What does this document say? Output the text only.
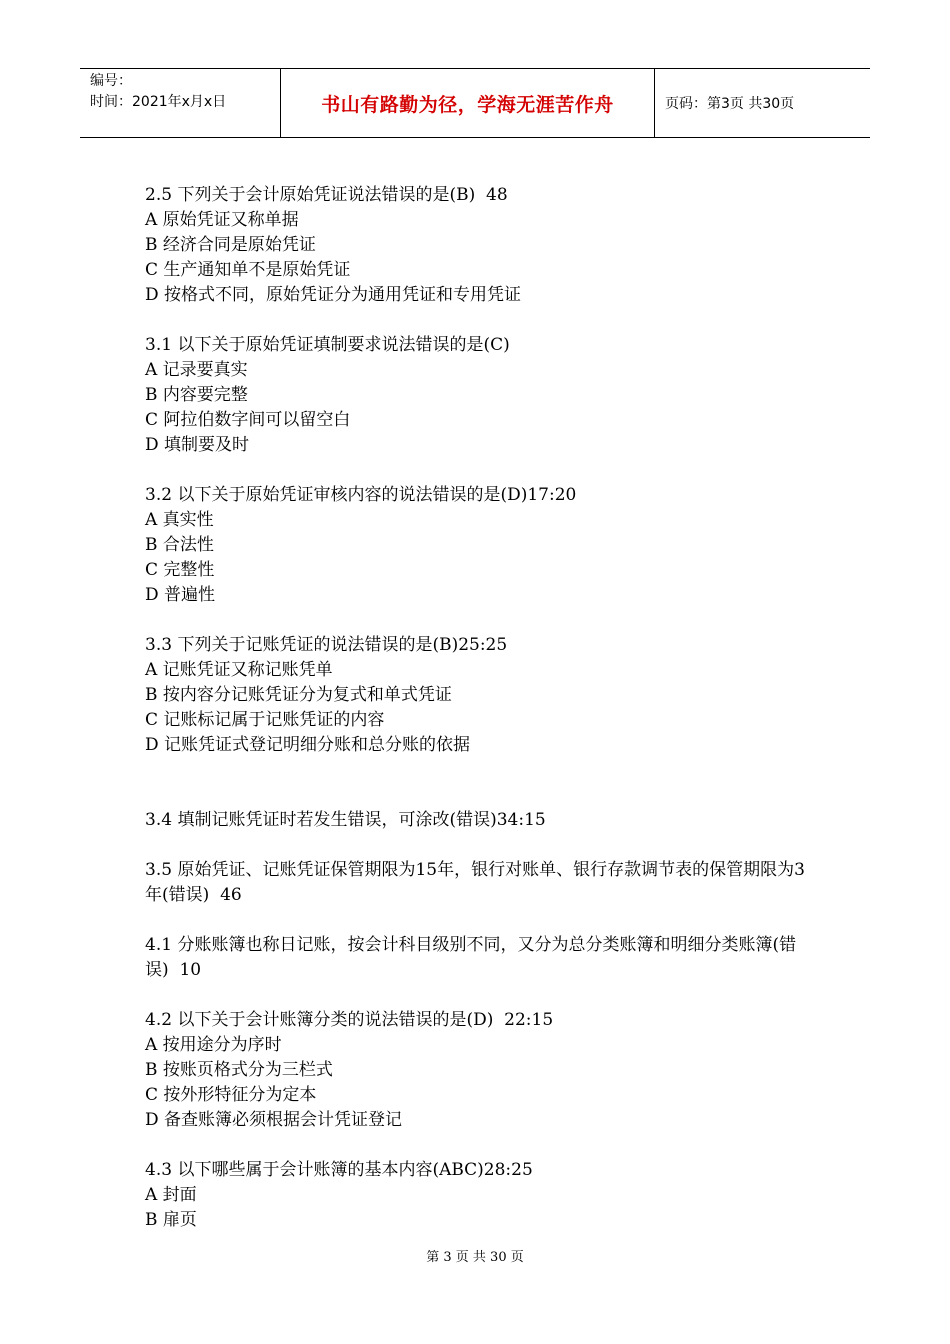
编号：
时间：2021年x月x日	书山有路勤为径，学海无涯苦作舟	页码：第3页 共30页
2.5 下列关于会计原始凭证说法错误的是(B)  48
A 原始凭证又称单据
B 经济合同是原始凭证
C 生产通知单不是原始凭证
D 按格式不同，原始凭证分为通用凭证和专用凭证
3.1 以下关于原始凭证填制要求说法错误的是(C)
A 记录要真实
B 内容要完整
C 阿拉伯数字间可以留空白
D 填制要及时
3.2 以下关于原始凭证审核内容的说法错误的是(D)17:20
A 真实性
B 合法性
C 完整性
D 普遍性
3.3 下列关于记账凭证的说法错误的是(B)25:25
A 记账凭证又称记账凭单
B 按内容分记账凭证分为复式和单式凭证
C 记账标记属于记账凭证的内容
D 记账凭证式登记明细分账和总分账的依据
3.4 填制记账凭证时若发生错误，可涂改(错误)34:15
3.5 原始凭证、记账凭证保管期限为15年，银行对账单、银行存款调节表的保管期限为3年(错误)  46
4.1 分账账簿也称日记账，按会计科目级别不同，又分为总分类账簿和明细分类账簿(错误)  10
4.2 以下关于会计账簿分类的说法错误的是(D)  22:15
A 按用途分为序时
B 按账页格式分为三栏式
C 按外形特征分为定本
D 备查账簿必须根据会计凭证登记
4.3 以下哪些属于会计账簿的基本内容(ABC)28:25
A 封面
B 扉页
第 3 页 共 30 页
